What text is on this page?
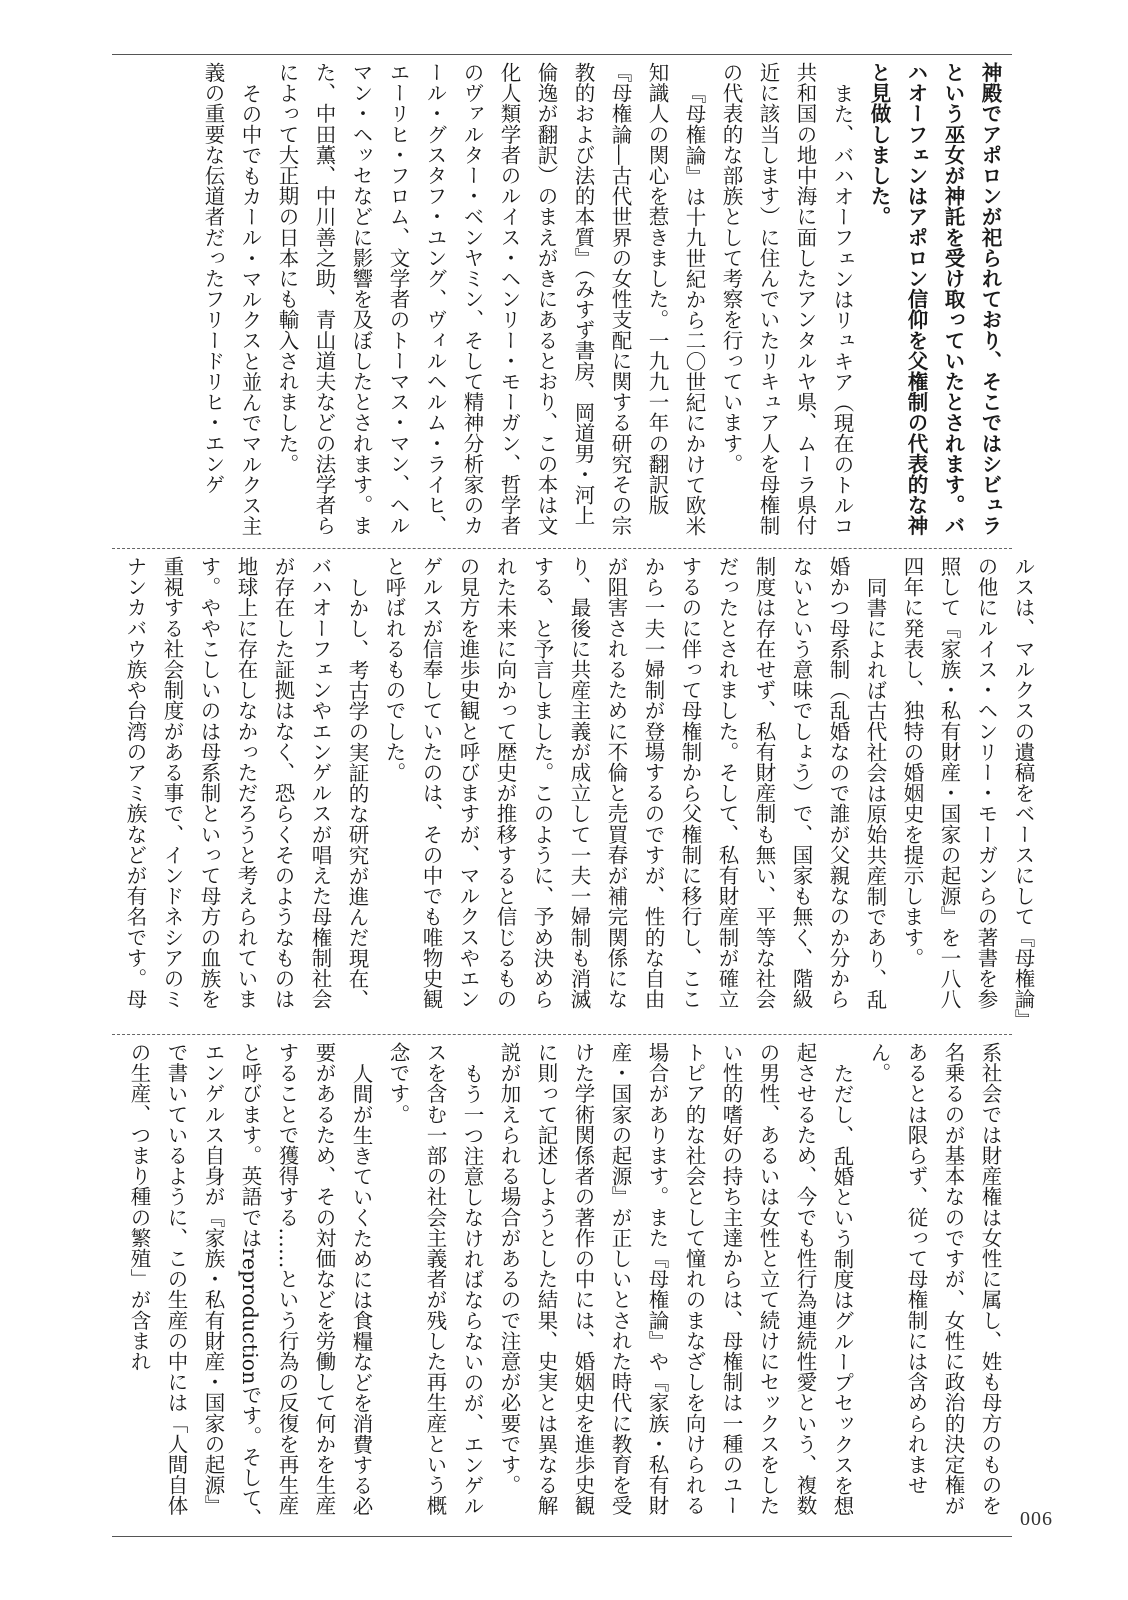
神殿でアポロンが祀られており、そこではシビュラという巫女が神託を受け取っていたとされます。バハオーフェンはアポロン信仰を父権制の代表的な神と見做しました。

また、バハオーフェンはリュキア（現在のトルコ共和国の地中海に面したアンタルヤ県、ムーラ県付近に該当します）に住んでいたリキュア人を母権制の代表的な部族として考察を行っています。

『母権論』は十九世紀から二〇世紀にかけて欧米知識人の関心を惹きました。一九九一年の翻訳版『母権論―古代世界の女性支配に関する研究その宗教的および法的本質』（みすず書房、岡道男・河上倫逸が翻訳）のまえがきにあるとおり、この本は文化人類学者のルイス・ヘンリー・モーガン、哲学者のヴァルター・ベンヤミン、そして精神分析家のカール・グスタフ・ユング、ヴィルヘルム・ライヒ、エーリヒ・フロム、文学者のトーマス・マン、ヘルマン・ヘッセなどに影響を及ぼしたとされます。また、中田薫、中川善之助、青山道夫などの法学者らによって大正期の日本にも輸入されました。

その中でもカール・マルクスと並んでマルクス主義の重要な伝道者だったフリードリヒ・エンゲ

ルスは、マルクスの遺稿をベースにして『母権論』の他にルイス・ヘンリー・モーガンらの著書を参照して『家族・私有財産・国家の起源』を一八八四年に発表し、独特の婚姻史を提示します。

同書によれば古代社会は原始共産制であり、乱婚かつ母系制（乱婚なので誰が父親なのか分からないという意味でしょう）で、国家も無く、階級制度は存在せず、私有財産制も無い、平等な社会だったとされました。そして、私有財産制が確立するのに伴って母権制から父権制に移行し、ここから一夫一婦制が登場するのですが、性的な自由が阻害されるために不倫と売買春が補完関係になり、最後に共産主義が成立して一夫一婦制も消滅する、と予言しました。このように、予め決められた未来に向かって歴史が推移すると信じるものの見方を進歩史観と呼びますが、マルクスやエンゲルスが信奉していたのは、その中でも唯物史観と呼ばれるものでした。

しかし、考古学の実証的な研究が進んだ現在、バハオーフェンやエンゲルスが唱えた母権制社会が存在した証拠はなく、恐らくそのようなものは地球上に存在しなかっただろうと考えられています。ややこしいのは母系制といって母方の血族を重視する社会制度がある事で、インドネシアのミナンカバウ族や台湾のアミ族などが有名です。母

系社会では財産権は女性に属し、姓も母方のものを名乗るのが基本なのですが、女性に政治的決定権があるとは限らず、従って母権制には含められません。

ただし、乱婚という制度はグループセックスを想起させるため、今でも性行為連続性愛という、複数の男性、あるいは女性と立て続けにセックスをしたい性的嗜好の持ち主達からは、母権制は一種のユートピア的な社会として憧れのまなざしを向けられる場合があります。また『母権論』や『家族・私有財産・国家の起源』が正しいとされた時代に教育を受けた学術関係者の著作の中には、婚姻史を進歩史観に則って記述しようとした結果、史実とは異なる解説が加えられる場合があるので注意が必要です。

もう一つ注意しなければならないのが、エンゲルスを含む一部の社会主義者が残した再生産という概念です。

人間が生きていくためには食糧などを消費する必要があるため、その対価などを労働して何かを生産することで獲得する……という行為の反復を再生産と呼びます。英語ではreproductionです。そして、エンゲルス自身が『家族・私有財産・国家の起源』で書いているように、この生産の中には「人間自体の生産、つまり種の繁殖」が含まれ

006
